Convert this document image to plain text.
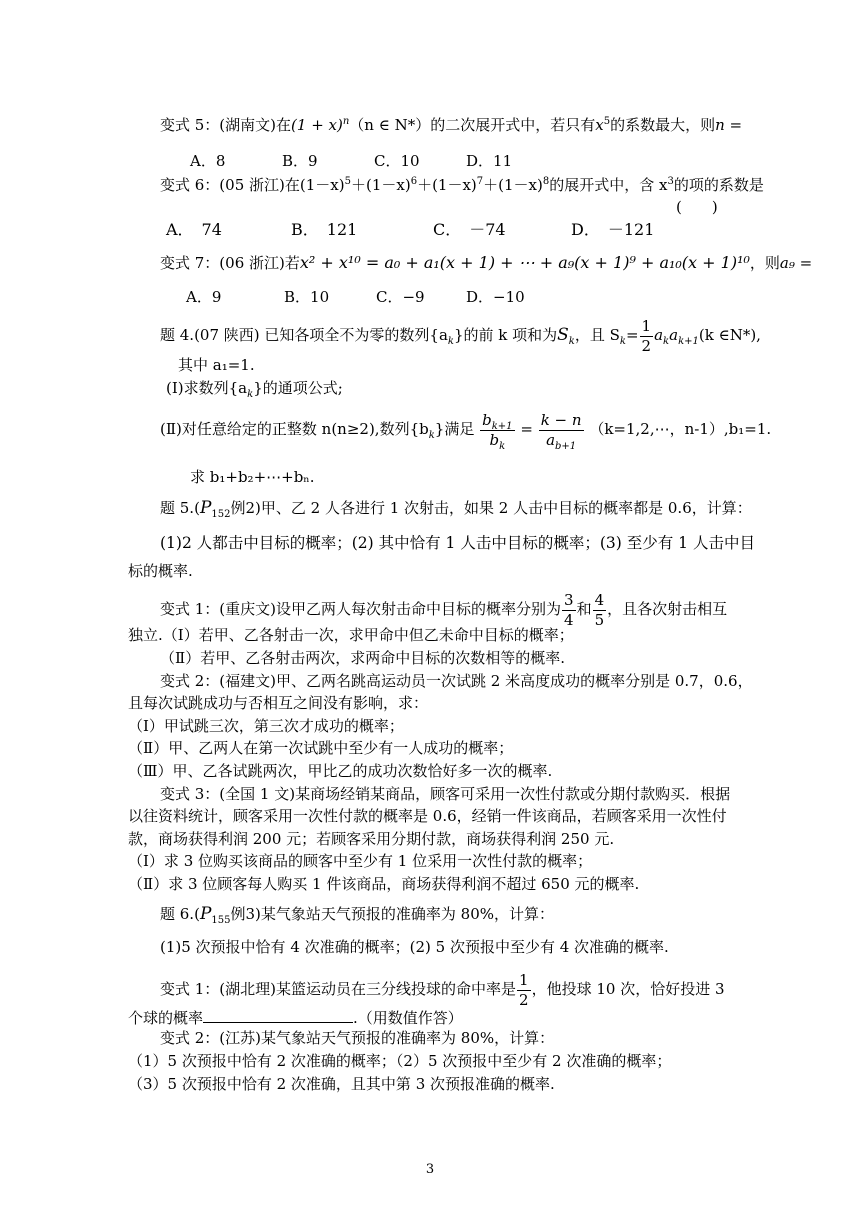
变式 5：(湖南文)在$(1 + x)^n(n$ ∈ N*）的二次展开式中，若只有$x^5$的系数最大，则n =
A．8	B．9	C．10	D．11
变式 6：(05 浙江)在$(1-x)^5+(1-x)^6+(1-x)^7+(1-x)^8$的展开式中，含 $x^3$的项的系数是
(　　)
A．　74	B．　121	C．　－74	D．　－121
变式 7：(06 浙江)若x² + x¹⁰ = a₀ + a₁(x + 1) + ⋯ + a₉(x + 1)⁹ + a₁₀(x + 1)¹⁰，则a₉ =
A．9	B．10	C．−9	D．−10
题 4.(07 陕西) 已知各项全不为零的数列$\{a_k\}$的前 k 项和为$S_k$，且 $S_k= \frac{1}{2} a_ka_{k+1}(k$ ∈N*),
其中 a₁=1.
(Ⅰ)求数列$\{a_k\}$的通项公式;
(Ⅱ)对任意给定的正整数 n(n≥2),数列$\{b_k\}$满足 $\frac{b_{k+1}}{b_k} = \frac{k - n}{a_{b+1}}$ （k=1,2,⋯，n-1）,b₁=1.
求 b₁+b₂+⋯+bₙ.
题 $5.(P_{152}$例2)甲、乙 2 人各进行 1 次射击，如果 2 人击中目标的概率都是 0.6，计算：
(1)2 人都击中目标的概率；(2) 其中恰有 1 人击中目标的概率；(3) 至少有 1 人击中目
标的概率.
变式 1：(重庆文)设甲乙两人每次射击命中目标的概率分别为 $\frac{3}{4}$ 和 $\frac{4}{5}$ ，且各次射击相互
独立.（Ⅰ）若甲、乙各射击一次，求甲命中但乙未命中目标的概率；
（Ⅱ）若甲、乙各射击两次，求两命中目标的次数相等的概率.
变式 2：(福建文)甲、乙两名跳高运动员一次试跳 2 米高度成功的概率分别是 0.7，0.6，
且每次试跳成功与否相互之间没有影响，求：
（Ⅰ）甲试跳三次，第三次才成功的概率；
（Ⅱ）甲、乙两人在第一次试跳中至少有一人成功的概率；
（Ⅲ）甲、乙各试跳两次，甲比乙的成功次数恰好多一次的概率.
变式 3：(全国 1 文)某商场经销某商品，顾客可采用一次性付款或分期付款购买．根据
以往资料统计，顾客采用一次性付款的概率是 0.6，经销一件该商品，若顾客采用一次性付
款，商场获得利润 200 元；若顾客采用分期付款，商场获得利润 250 元.
（Ⅰ）求 3 位购买该商品的顾客中至少有 1 位采用一次性付款的概率；
（Ⅱ）求 3 位顾客每人购买 1 件该商品，商场获得利润不超过 650 元的概率.
题 $6.(P_{155}$例3)某气象站天气预报的准确率为 80%，计算：
(1)5 次预报中恰有 4 次准确的概率；(2) 5 次预报中至少有 4 次准确的概率.
变式 1：(湖北理)某篮运动员在三分线投球的命中率是 $\frac{1}{2}$ ，他投球 10 次，恰好投进 3
个球的概率	.（用数值作答）
变式 2：(江苏)某气象站天气预报的准确率为 80%，计算：
（1）5 次预报中恰有 2 次准确的概率；（2）5 次预报中至少有 2 次准确的概率；
（3）5 次预报中恰有 2 次准确，且其中第 3 次预报准确的概率.
3
